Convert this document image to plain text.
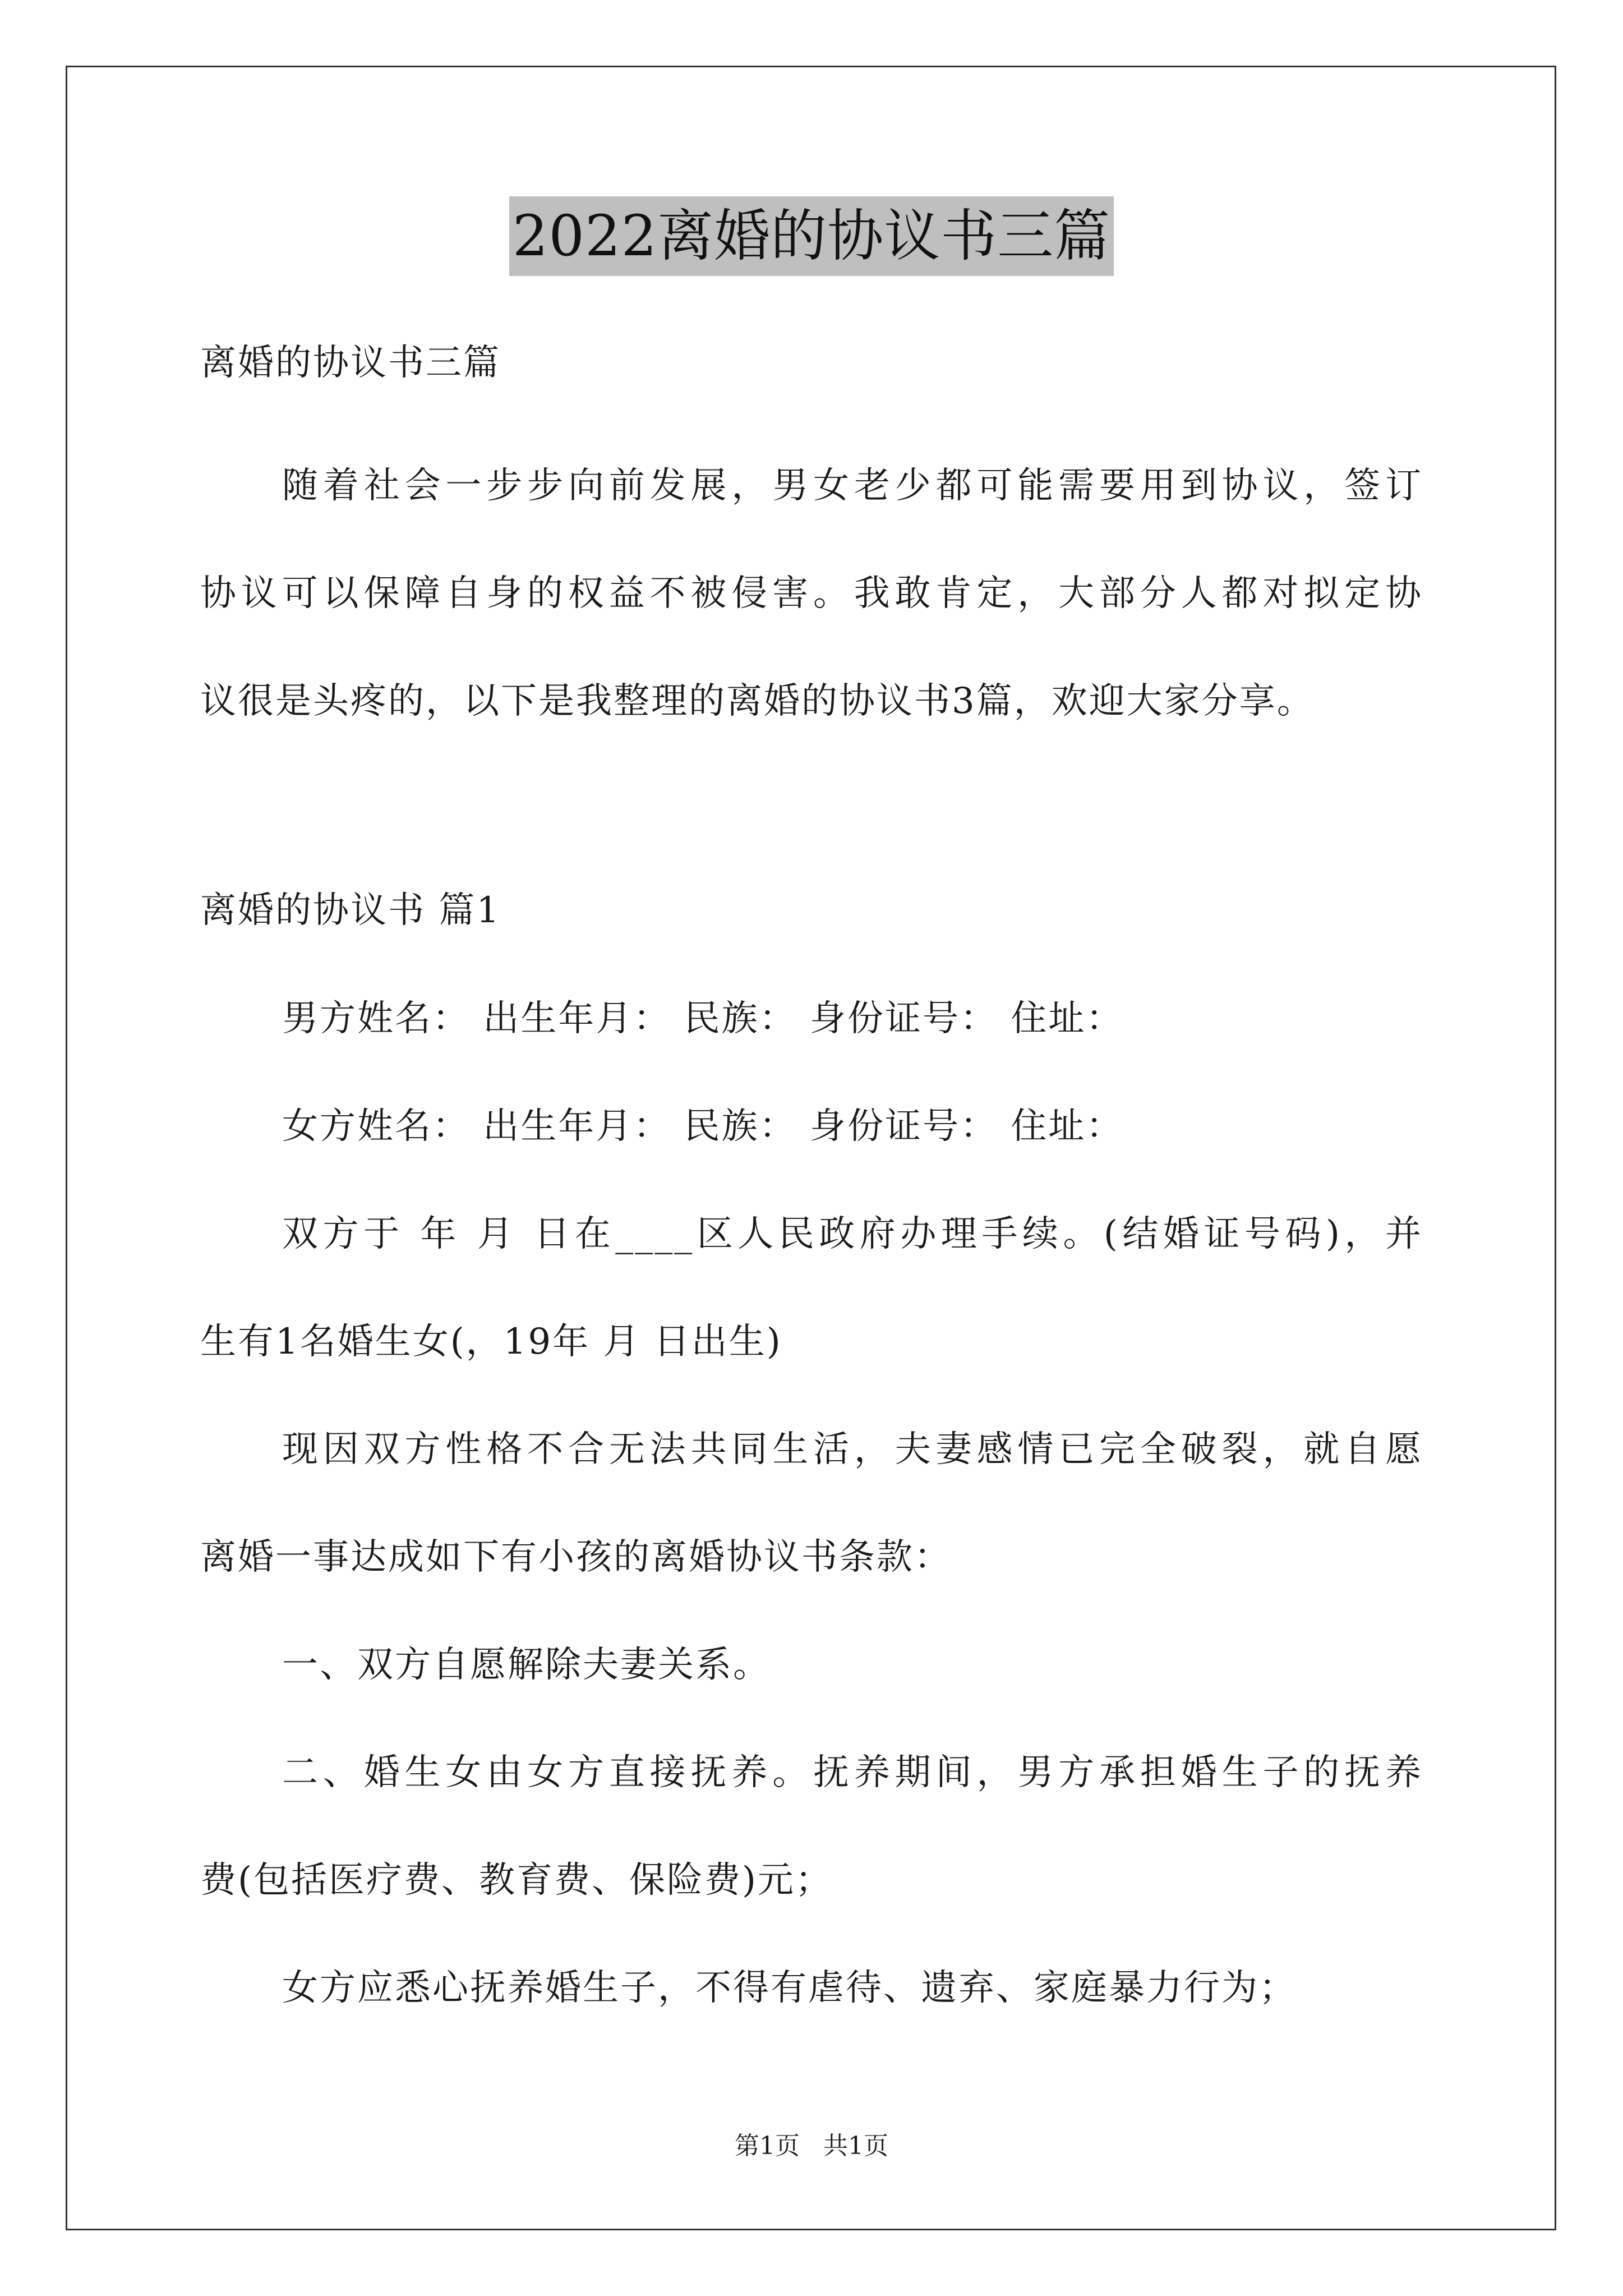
2022离婚的协议书三篇
离婚的协议书三篇
随着社会一步步向前发展，男女老少都可能需要用到协议，签订
协议可以保障自身的权益不被侵害。我敢肯定，大部分人都对拟定协
议很是头疼的，以下是我整理的离婚的协议书3篇，欢迎大家分享。
离婚的协议书 篇1
男方姓名： 出生年月： 民族： 身份证号： 住址：
女方姓名： 出生年月： 民族： 身份证号： 住址：
双方于 年 月 日在____区人民政府办理手续。(结婚证号码)，并
生有1名婚生女(，19年 月 日出生)
现因双方性格不合无法共同生活，夫妻感情已完全破裂，就自愿
离婚一事达成如下有小孩的离婚协议书条款：
一、双方自愿解除夫妻关系。
二、婚生女由女方直接抚养。抚养期间，男方承担婚生子的抚养
费(包括医疗费、教育费、保险费)元；
女方应悉心抚养婚生子，不得有虐待、遗弃、家庭暴力行为；
第1页   共1页
